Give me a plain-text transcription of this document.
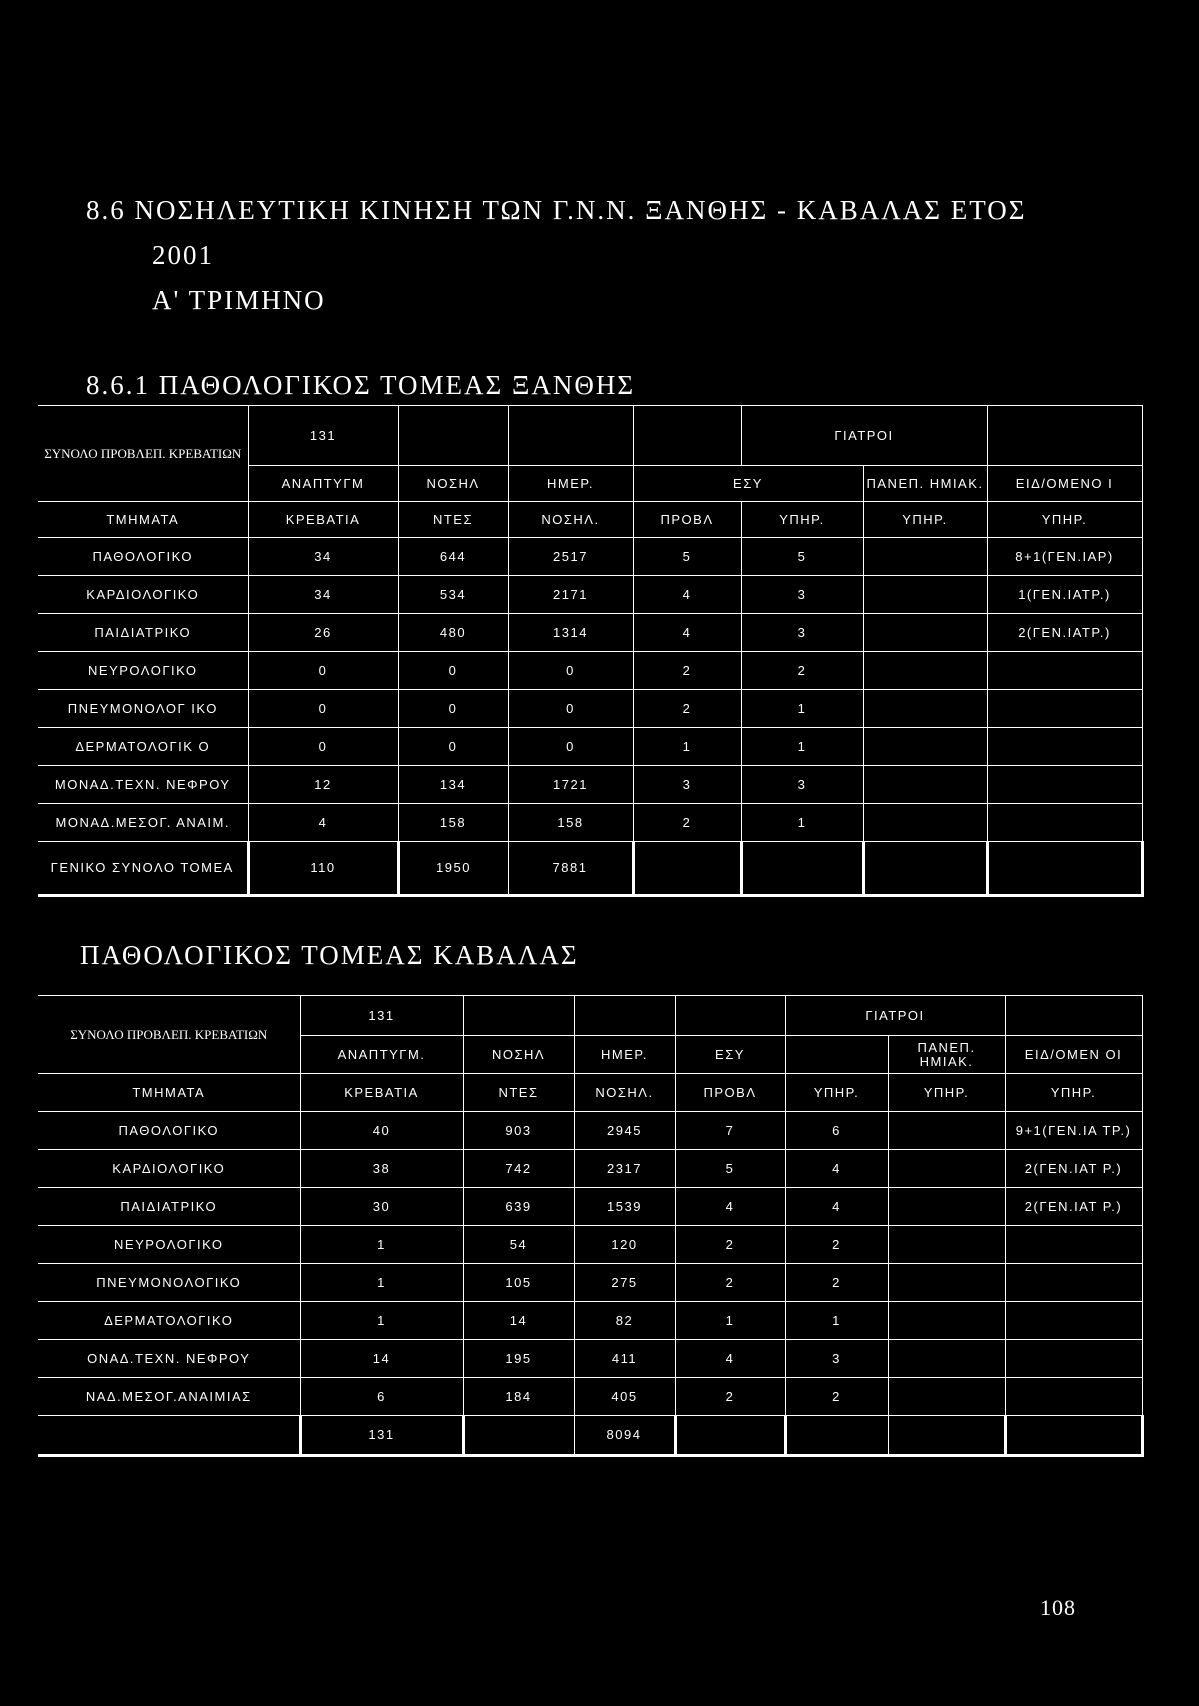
8.6 ΝΟΣΗΛΕΥΤΙΚΗ ΚΙΝΗΣΗ ΤΩΝ Γ.Ν.Ν. ΞΑΝΘΗΣ - ΚΑΒΑΛΑΣ ΕΤΟΣ
2001
Α' ΤΡΙΜΗΝΟ
8.6.1 ΠΑΘΟΛΟΓΙΚΟΣ ΤΟΜΕΑΣ ΞΑΝΘΗΣ
ΣΥΝΟΛΟ ΠΡΟΒΛΕΠ. ΚΡΕΒΑΤΙΩΝ	131				ΓΙΑΤΡΟΙ		
	ΑΝΑΠΤΥΓΜ	ΝΟΣΗΛ	ΗΜΕΡ.	ΕΣΥ		ΠΑΝΕΠ. ΗΜΙΑΚ.	ΕΙΔ/ΟΜΕΝΟ Ι
ΤΜΗΜΑΤΑ	ΚΡΕΒΑΤΙΑ	ΝΤΕΣ	ΝΟΣΗΛ.	ΠΡΟΒΛ	ΥΠΗΡ.	ΥΠΗΡ.	ΥΠΗΡ.
ΠΑΘΟΛΟΓΙΚΟ	34	644	2517	5	5		8+1(ΓΕΝ.ΙΑΡ)
ΚΑΡΔΙΟΛΟΓΙΚΟ	34	534	2171	4	3		1(ΓΕΝ.ΙΑΤΡ.)
ΠΑΙΔΙΑΤΡΙΚΟ	26	480	1314	4	3		2(ΓΕΝ.ΙΑΤΡ.)
ΝΕΥΡΟΛΟΓΙΚΟ	0	0	0	2	2		
ΠΝΕΥΜΟΝΟΛΟΓ ΙΚΟ	0	0	0	2	1		
ΔΕΡΜΑΤΟΛΟΓΙΚ Ο	0	0	0	1	1		
ΜΟΝΑΔ.ΤΕΧΝ. ΝΕΦΡΟΥ	12	134	1721	3	3		
ΜΟΝΑΔ.ΜΕΣΟΓ. ΑΝΑΙΜ.	4	158	158	2	1		
ΓΕΝΙΚΟ ΣΥΝΟΛΟ ΤΟΜΕΑ	110	1950	7881				
ΠΑΘΟΛΟΓΙΚΟΣ ΤΟΜΕΑΣ ΚΑΒΑΛΑΣ
ΣΥΝΟΛΟ ΠΡΟΒΛΕΠ. ΚΡΕΒΑΤΙΩΝ	131				ΓΙΑΤΡΟΙ		
	ΑΝΑΠΤΥΓΜ.	ΝΟΣΗΛ	ΗΜΕΡ.	ΕΣΥ		ΠΑΝΕΠ. ΗΜΙΑΚ.	ΕΙΔ/ΟΜΕΝ ΟΙ
ΤΜΗΜΑΤΑ	ΚΡΕΒΑΤΙΑ	ΝΤΕΣ	ΝΟΣΗΛ.	ΠΡΟΒΛ	ΥΠΗΡ.	ΥΠΗΡ.	ΥΠΗΡ.
ΠΑΘΟΛΟΓΙΚΟ	40	903	2945	7	6		9+1(ΓΕΝ.ΙΑ ΤΡ.)
ΚΑΡΔΙΟΛΟΓΙΚΟ	38	742	2317	5	4		2(ΓΕΝ.ΙΑΤ Ρ.)
ΠΑΙΔΙΑΤΡΙΚΟ	30	639	1539	4	4		2(ΓΕΝ.ΙΑΤ Ρ.)
ΝΕΥΡΟΛΟΓΙΚΟ	1	54	120	2	2		
ΠΝΕΥΜΟΝΟΛΟΓΙΚΟ	1	105	275	2	2		
ΔΕΡΜΑΤΟΛΟΓΙΚΟ	1	14	82	1	1		
ΟΝΑΔ.ΤΕΧΝ. ΝΕΦΡΟΥ	14	195	411	4	3		
ΝΑΔ.ΜΕΣΟΓ.ΑΝΑΙΜΙΑΣ	6	184	405	2	2		
	131		8094				
108
